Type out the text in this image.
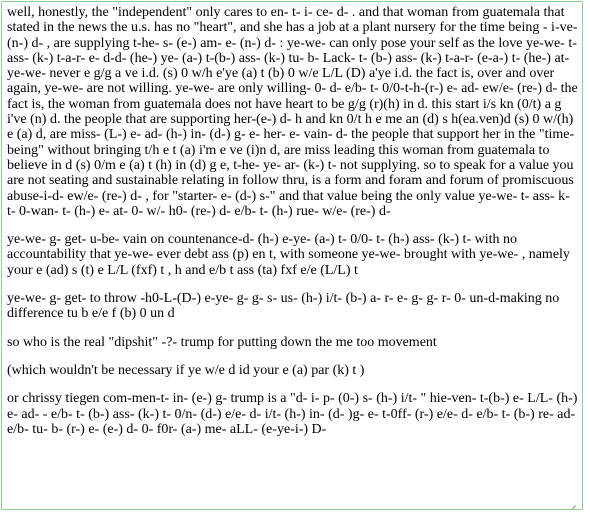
well, honestly, the "independent" only cares to en- t- i- ce- d- . and that woman from guatemala that stated in the news the u.s. has no "heart", and she has a job at a plant nursery for the time being - i-ve- (n-) d- , are supplying t-he- s- (e-) am- e- (n-) d- : ye-we- can only pose your self as the love ye-we- t- ass- (k-) t-a-r- e- d-d- (he-) ye- (a-) t-(b-) ass- (k-) tu- b- Lack- t- (b-) ass- (k-) t-a-r- (e-a-) t- (he-) at- ye-we- never e g/g a ve i.d. (s) 0 w/h e'ye (a) t (b) 0 w/e L/L (D) a'ye i.d. the fact is, over and over again, ye-we- are not willing. ye-we- are only willing- 0- d- e/b- t- 0/0-t-h-(r-) e- ad- ew/e- (re-) d- the fact is, the woman from guatemala does not have heart to be g/g (r)(h) in d. this start i/s kn (0/t) a g i've (n) d. the people that are supporting her-(e-) d- h and kn 0/t h e me an (d) s h(ea.ven)d (s) 0 w/(h) e (a) d, are miss- (L-) e- ad- (h-) in- (d-) g- e- her- e- vain- d- the people that support her in the "time-being" without bringing t/h e t (a) i'm e ve (i)n d, are miss leading this woman from guatemala to believe in d (s) 0/m e (a) t (h) in (d) g e, t-he- ye- ar- (k-) t- not supplying. so to speak for a value you are not seating and sustainable relating in follow thru, is a form and foram and forum of promiscuous abuse-i-d- ew/e- (re-) d- , for "starter- e- (d-) s-" and that value being the only value ye-we- t- ass- k- t- 0-wan- t- (h-) e- at- 0- w/- h0- (re-) d- e/b- t- (h-) rue- w/e- (re-) d-

ye-we- g- get- u-be- vain on countenance-d- (h-) e-ye- (a-) t- 0/0- t- (h-) ass- (k-) t- with no accountability that ye-we- ever debt ass (p) en t, with someone ye-we- brought with ye-we- , namely your e (ad) s (t) e L/L (fxf) t , h and e/b t ass (ta) fxf e/e (L/L) t

ye-we- g- get- to throw -h0-L-(D-) e-ye- g- g- s- us- (h-) i/t- (b-) a- r- e- g- g- r- 0- un-d-making no difference tu b e/e f (b) 0 un d

so who is the real "dipshit" -?- trump for putting down the me too movement

(which wouldn't be necessary if ye w/e d id your e (a) par (k) t )

or chrissy tiegen com-men-t- in- (e-) g- trump is a "d- i- p- (0-) s- (h-) i/t- " hie-ven- t-(b-) e- L/L- (h-) e- ad- - e/b- t- (b-) ass- (k-) t- 0/n- (d-) e/e- d- i/t- (h-) in- (d- )g- e- t-0ff- (r-) e/e- d- e/b- t- (b-) re- ad- e/b- tu- b- (r-) e- (e-) d- 0- f0r- (a-) me- aLL- (e-ye-i-) D-
